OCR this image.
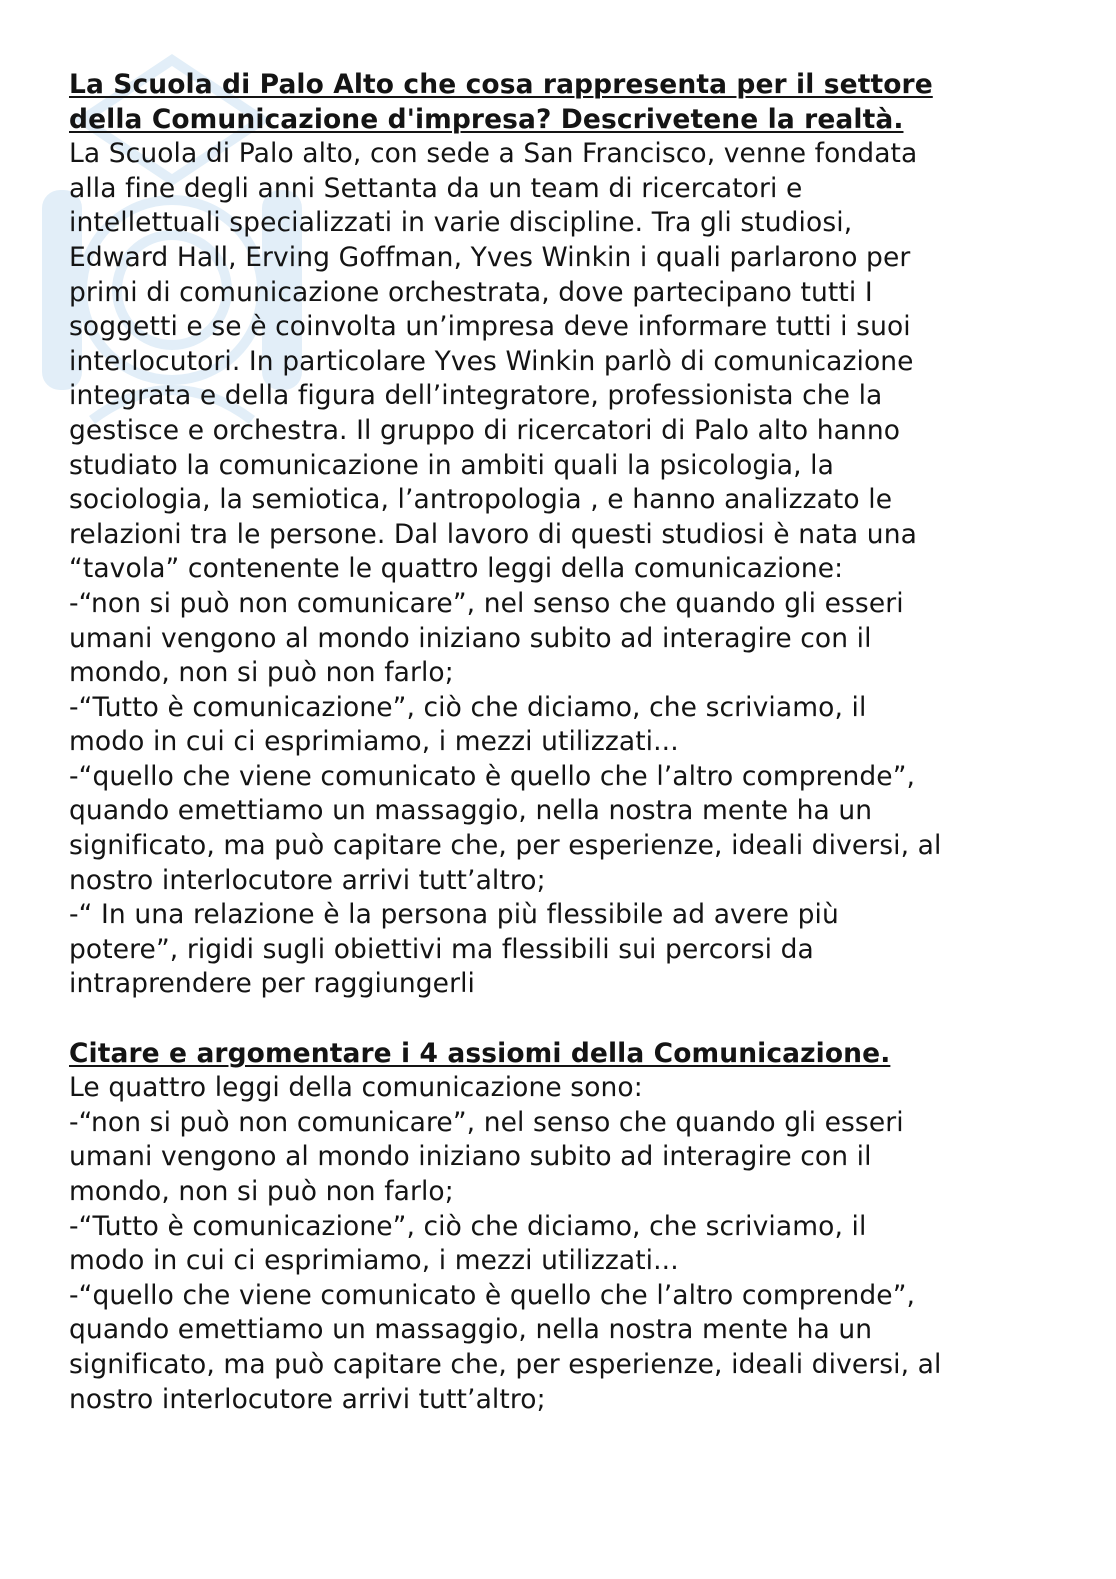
La Scuola di Palo Alto che cosa rappresenta per il settore
della Comunicazione d'impresa? Descrivetene la realtà.
La Scuola di Palo alto, con sede a San Francisco, venne fondata
alla fine degli anni Settanta da un team di ricercatori e
intellettuali specializzati in varie discipline. Tra gli studiosi,
Edward Hall, Erving Goffman, Yves Winkin i quali parlarono per
primi di comunicazione orchestrata, dove partecipano tutti I
soggetti e se è coinvolta un’impresa deve informare tutti i suoi
interlocutori. In particolare Yves Winkin parlò di comunicazione
integrata e della figura dell’integratore, professionista che la
gestisce e orchestra. Il gruppo di ricercatori di Palo alto hanno
studiato la comunicazione in ambiti quali la psicologia, la
sociologia, la semiotica, l’antropologia , e hanno analizzato le
relazioni tra le persone. Dal lavoro di questi studiosi è nata una
“tavola” contenente le quattro leggi della comunicazione:
-“non si può non comunicare”, nel senso che quando gli esseri
umani vengono al mondo iniziano subito ad interagire con il
mondo, non si può non farlo;
-“Tutto è comunicazione”, ciò che diciamo, che scriviamo, il
modo in cui ci esprimiamo, i mezzi utilizzati...
-“quello che viene comunicato è quello che l’altro comprende”,
quando emettiamo un massaggio, nella nostra mente ha un
significato, ma può capitare che, per esperienze, ideali diversi, al
nostro interlocutore arrivi tutt’altro;
-“ In una relazione è la persona più flessibile ad avere più
potere”, rigidi sugli obiettivi ma flessibili sui percorsi da
intraprendere per raggiungerli
Citare e argomentare i 4 assiomi della Comunicazione.
Le quattro leggi della comunicazione sono:
-“non si può non comunicare”, nel senso che quando gli esseri
umani vengono al mondo iniziano subito ad interagire con il
mondo, non si può non farlo;
-“Tutto è comunicazione”, ciò che diciamo, che scriviamo, il
modo in cui ci esprimiamo, i mezzi utilizzati...
-“quello che viene comunicato è quello che l’altro comprende”,
quando emettiamo un massaggio, nella nostra mente ha un
significato, ma può capitare che, per esperienze, ideali diversi, al
nostro interlocutore arrivi tutt’altro;
